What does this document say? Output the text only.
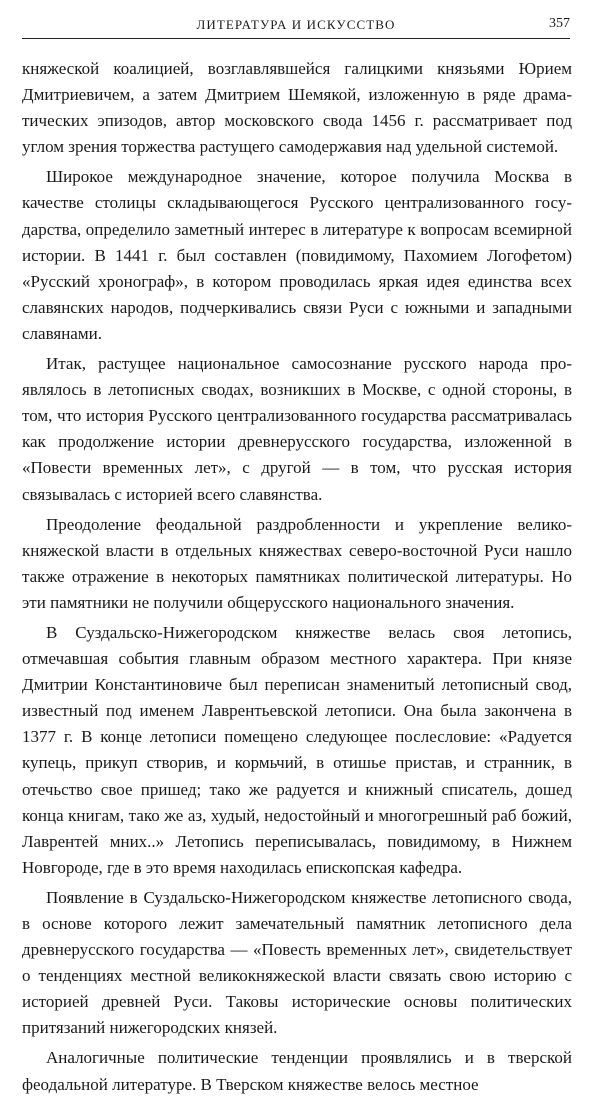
ЛИТЕРАТУРА И ИСКУССТВО	357

княжеской коалицией, возглавлявшейся галицкими князьями Юрием Дмитриевичем, а затем Дмитрием Шемякой, изложенную в ряде драматических эпизодов, автор московского свода 1456 г. рассматривает под углом зрения торжества растущего самодержавия над удельной системой.

Широкое международное значение, которое получила Москва в качестве столицы складывающегося Русского централизованного государства, определило заметный интерес в литературе к вопросам всемирной истории. В 1441 г. был составлен (повидимому, Пахомием Логофетом) «Русский хронограф», в котором проводилась яркая идея единства всех славянских народов, подчеркивались связи Руси с южными и западными славянами.

Итак, растущее национальное самосознание русского народа проявлялось в летописных сводах, возникших в Москве, с одной стороны, в том, что история Русского централизованного государства рассматривалась как продолжение истории древнерусского государства, изложенной в «Повести временных лет», с другой — в том, что русская история связывалась с историей всего славянства.

Преодоление феодальной раздробленности и укрепление великокняжеской власти в отдельных княжествах северо-восточной Руси нашло также отражение в некоторых памятниках политической литературы. Но эти памятники не получили общерусского национального значения.

В Суздальско-Нижегородском княжестве велась своя летопись, отмечавшая события главным образом местного характера. При князе Дмитрии Константиновиче был переписан знаменитый летописный свод, известный под именем Лаврентьевской летописи. Она была закончена в 1377 г. В конце летописи помещено следующее послесловие: «Радуется купець, прикуп створив, и кормьчий, в отишье пристав, и странник, в отечьство свое пришед; тако же радуется и книжный списатель, дошед конца книгам, тако же аз, худый, недостойный и многогрешный раб божий, Лаврентей мних..» Летопись переписывалась, повидимому, в Нижнем Новгороде, где в это время находилась епископская кафедра.

Появление в Суздальско-Нижегородском княжестве летописного свода, в основе которого лежит замечательный памятник летописного дела древнерусского государства — «Повесть временных лет», свидетельствует о тенденциях местной великокняжеской власти связать свою историю с историей древней Руси. Таковы исторические основы политических притязаний нижегородских князей.

Аналогичные политические тенденции проявлялись и в тверской феодальной литературе. В Тверском княжестве велось местное
